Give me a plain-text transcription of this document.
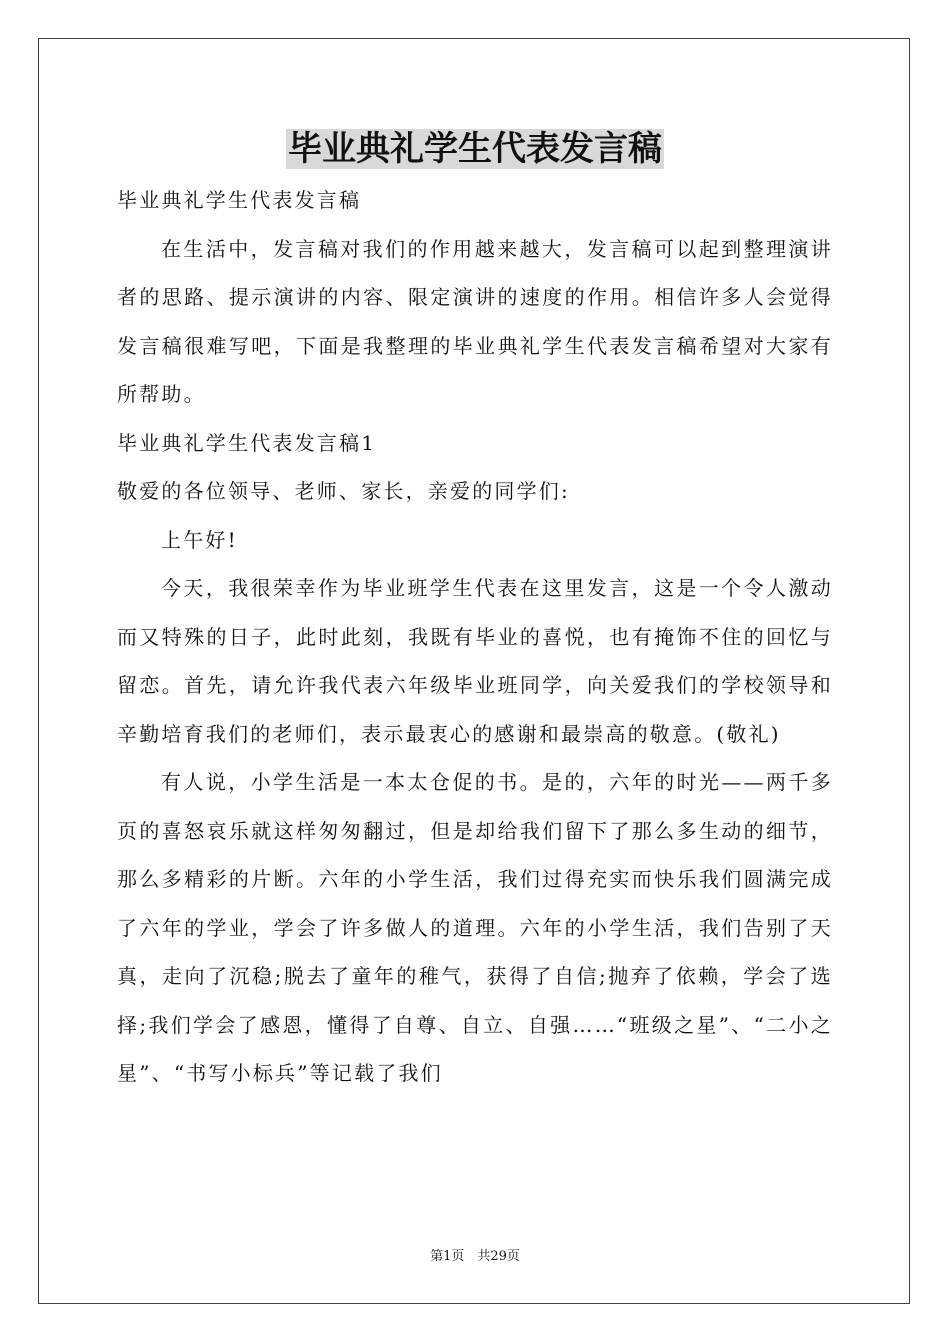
毕业典礼学生代表发言稿

毕业典礼学生代表发言稿

在生活中，发言稿对我们的作用越来越大，发言稿可以起到整理演讲者的思路、提示演讲的内容、限定演讲的速度的作用。相信许多人会觉得发言稿很难写吧，下面是我整理的毕业典礼学生代表发言稿希望对大家有所帮助。

毕业典礼学生代表发言稿1

敬爱的各位领导、老师、家长，亲爱的同学们:

上午好!

今天，我很荣幸作为毕业班学生代表在这里发言，这是一个令人激动而又特殊的日子，此时此刻，我既有毕业的喜悦，也有掩饰不住的回忆与留恋。首先，请允许我代表六年级毕业班同学，向关爱我们的学校领导和辛勤培育我们的老师们，表示最衷心的感谢和最崇高的敬意。(敬礼)

有人说，小学生活是一本太仓促的书。是的，六年的时光——两千多页的喜怒哀乐就这样匆匆翻过，但是却给我们留下了那么多生动的细节，那么多精彩的片断。六年的小学生活，我们过得充实而快乐我们圆满完成了六年的学业，学会了许多做人的道理。六年的小学生活，我们告别了天真，走向了沉稳;脱去了童年的稚气，获得了自信;抛弃了依赖，学会了选择;我们学会了感恩，懂得了自尊、自立、自强……“班级之星”、“二小之星”、“书写小标兵”等记载了我们

第1页　共29页
